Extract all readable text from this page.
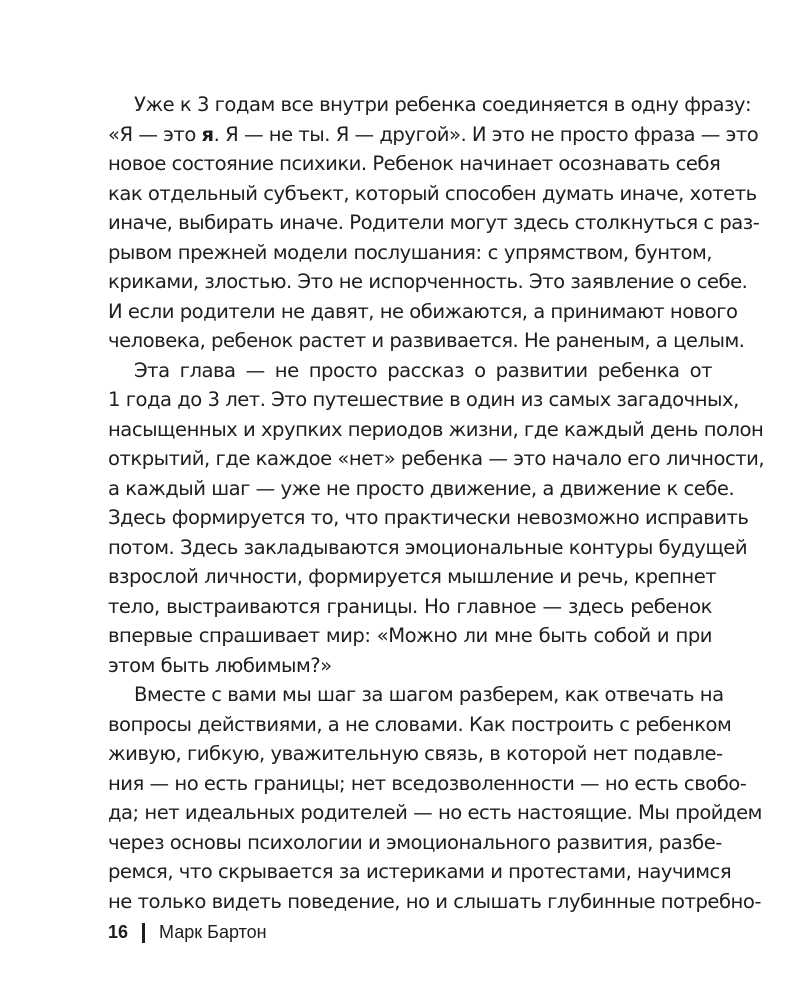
Уже к 3 годам все внутри ребенка соединяется в одну фразу:
«Я — это я. Я — не ты. Я — другой». И это не просто фраза — это
новое состояние психики. Ребенок начинает осознавать себя
как отдельный субъект, который способен думать иначе, хотеть
иначе, выбирать иначе. Родители могут здесь столкнуться с раз-
рывом прежней модели послушания: с упрямством, бунтом,
криками, злостью. Это не испорченность. Это заявление о себе.
И если родители не давят, не обижаются, а принимают нового
человека, ребенок растет и развивается. Не раненым, а целым.
Эта глава — не просто рассказ о развитии ребенка от
1 года до 3 лет. Это путешествие в один из самых загадочных,
насыщенных и хрупких периодов жизни, где каждый день полон
открытий, где каждое «нет» ребенка — это начало его личности,
а каждый шаг — уже не просто движение, а движение к себе.
Здесь формируется то, что практически невозможно исправить
потом. Здесь закладываются эмоциональные контуры будущей
взрослой личности, формируется мышление и речь, крепнет
тело, выстраиваются границы. Но главное — здесь ребенок
впервые спрашивает мир: «Можно ли мне быть собой и при
этом быть любимым?»
Вместе с вами мы шаг за шагом разберем, как отвечать на
вопросы действиями, а не словами. Как построить с ребенком
живую, гибкую, уважительную связь, в которой нет подавле-
ния — но есть границы; нет вседозволенности — но есть свобо-
да; нет идеальных родителей — но есть настоящие. Мы пройдем
через основы психологии и эмоционального развития, разбе-
ремся, что скрывается за истериками и протестами, научимся
не только видеть поведение, но и слышать глубинные потребно-
16 Марк Бартон
